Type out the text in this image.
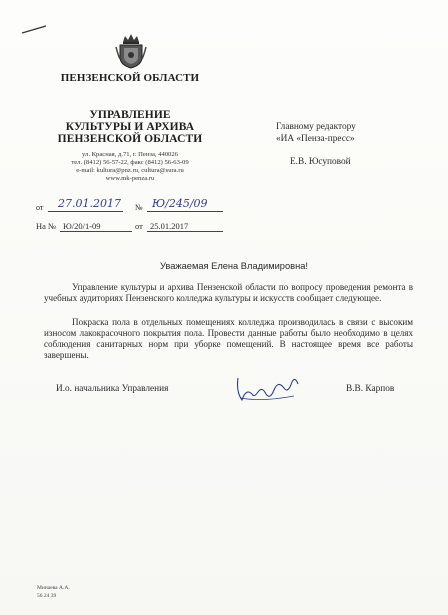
ПЕНЗЕНСКОЙ ОБЛАСТИ
УПРАВЛЕНИЕ
КУЛЬТУРЫ И АРХИВА
ПЕНЗЕНСКОЙ ОБЛАСТИ
ул. Красная, д.71, г. Пенза, 440026
тел. (8412) 56-57-22, факс (8412) 56-63-09
e-mail: kultura@pnz.ru, cultura@sura.ru
www.mk-penza.ru
Главному редактору
«ИА «Пенза-пресс»
Е.В. Юсуповой
от 27.01.2017 № Ю/245/09
На № Ю/20/1-09	от 25.01.2017
Уважаемая Елена Владимировна!
Управление культуры и архива Пензенской области по вопросу проведения ремонта в учебных аудиториях Пензенского колледжа культуры и искусств сообщает следующее.
Покраска пола в отдельных помещениях колледжа производилась в связи с высоким износом лакокрасочного покрытия пола. Провести данные работы было необходимо в целях соблюдения санитарных норм при уборке помещений. В настоящее время все работы завершены.
И.о. начальника Управления	В.В. Карпов
Минаева А.А.
56 24 39
